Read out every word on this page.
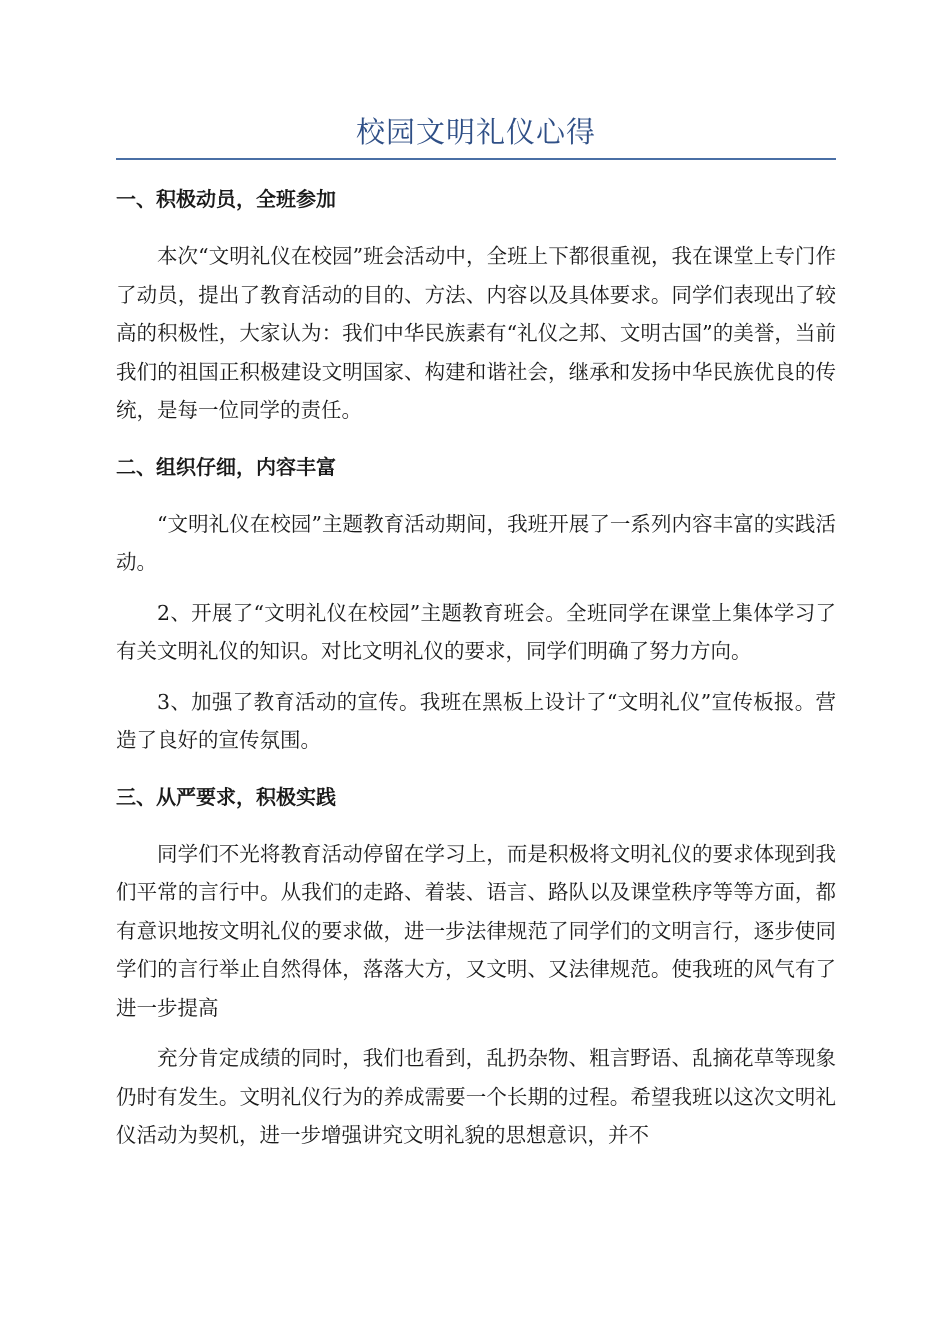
校园文明礼仪心得
一、积极动员，全班参加

本次“文明礼仪在校园”班会活动中，全班上下都很重视，我在课堂上专门作了动员，提出了教育活动的目的、方法、内容以及具体要求。同学们表现出了较高的积极性，大家认为：我们中华民族素有“礼仪之邦、文明古国”的美誉，当前我们的祖国正积极建设文明国家、构建和谐社会，继承和发扬中华民族优良的传统，是每一位同学的责任。

二、组织仔细，内容丰富

“文明礼仪在校园”主题教育活动期间，我班开展了一系列内容丰富的实践活动。

2、开展了“文明礼仪在校园”主题教育班会。全班同学在课堂上集体学习了有关文明礼仪的知识。对比文明礼仪的要求，同学们明确了努力方向。

3、加强了教育活动的宣传。我班在黑板上设计了“文明礼仪”宣传板报。营造了良好的宣传氛围。

三、从严要求，积极实践

同学们不光将教育活动停留在学习上，而是积极将文明礼仪的要求体现到我们平常的言行中。从我们的走路、着装、语言、路队以及课堂秩序等等方面，都有意识地按文明礼仪的要求做，进一步法律规范了同学们的文明言行，逐步使同学们的言行举止自然得体，落落大方，又文明、又法律规范。使我班的风气有了进一步提高

充分肯定成绩的同时，我们也看到，乱扔杂物、粗言野语、乱摘花草等现象仍时有发生。文明礼仪行为的养成需要一个长期的过程。希望我班以这次文明礼仪活动为契机，进一步增强讲究文明礼貌的思想意识，并不
